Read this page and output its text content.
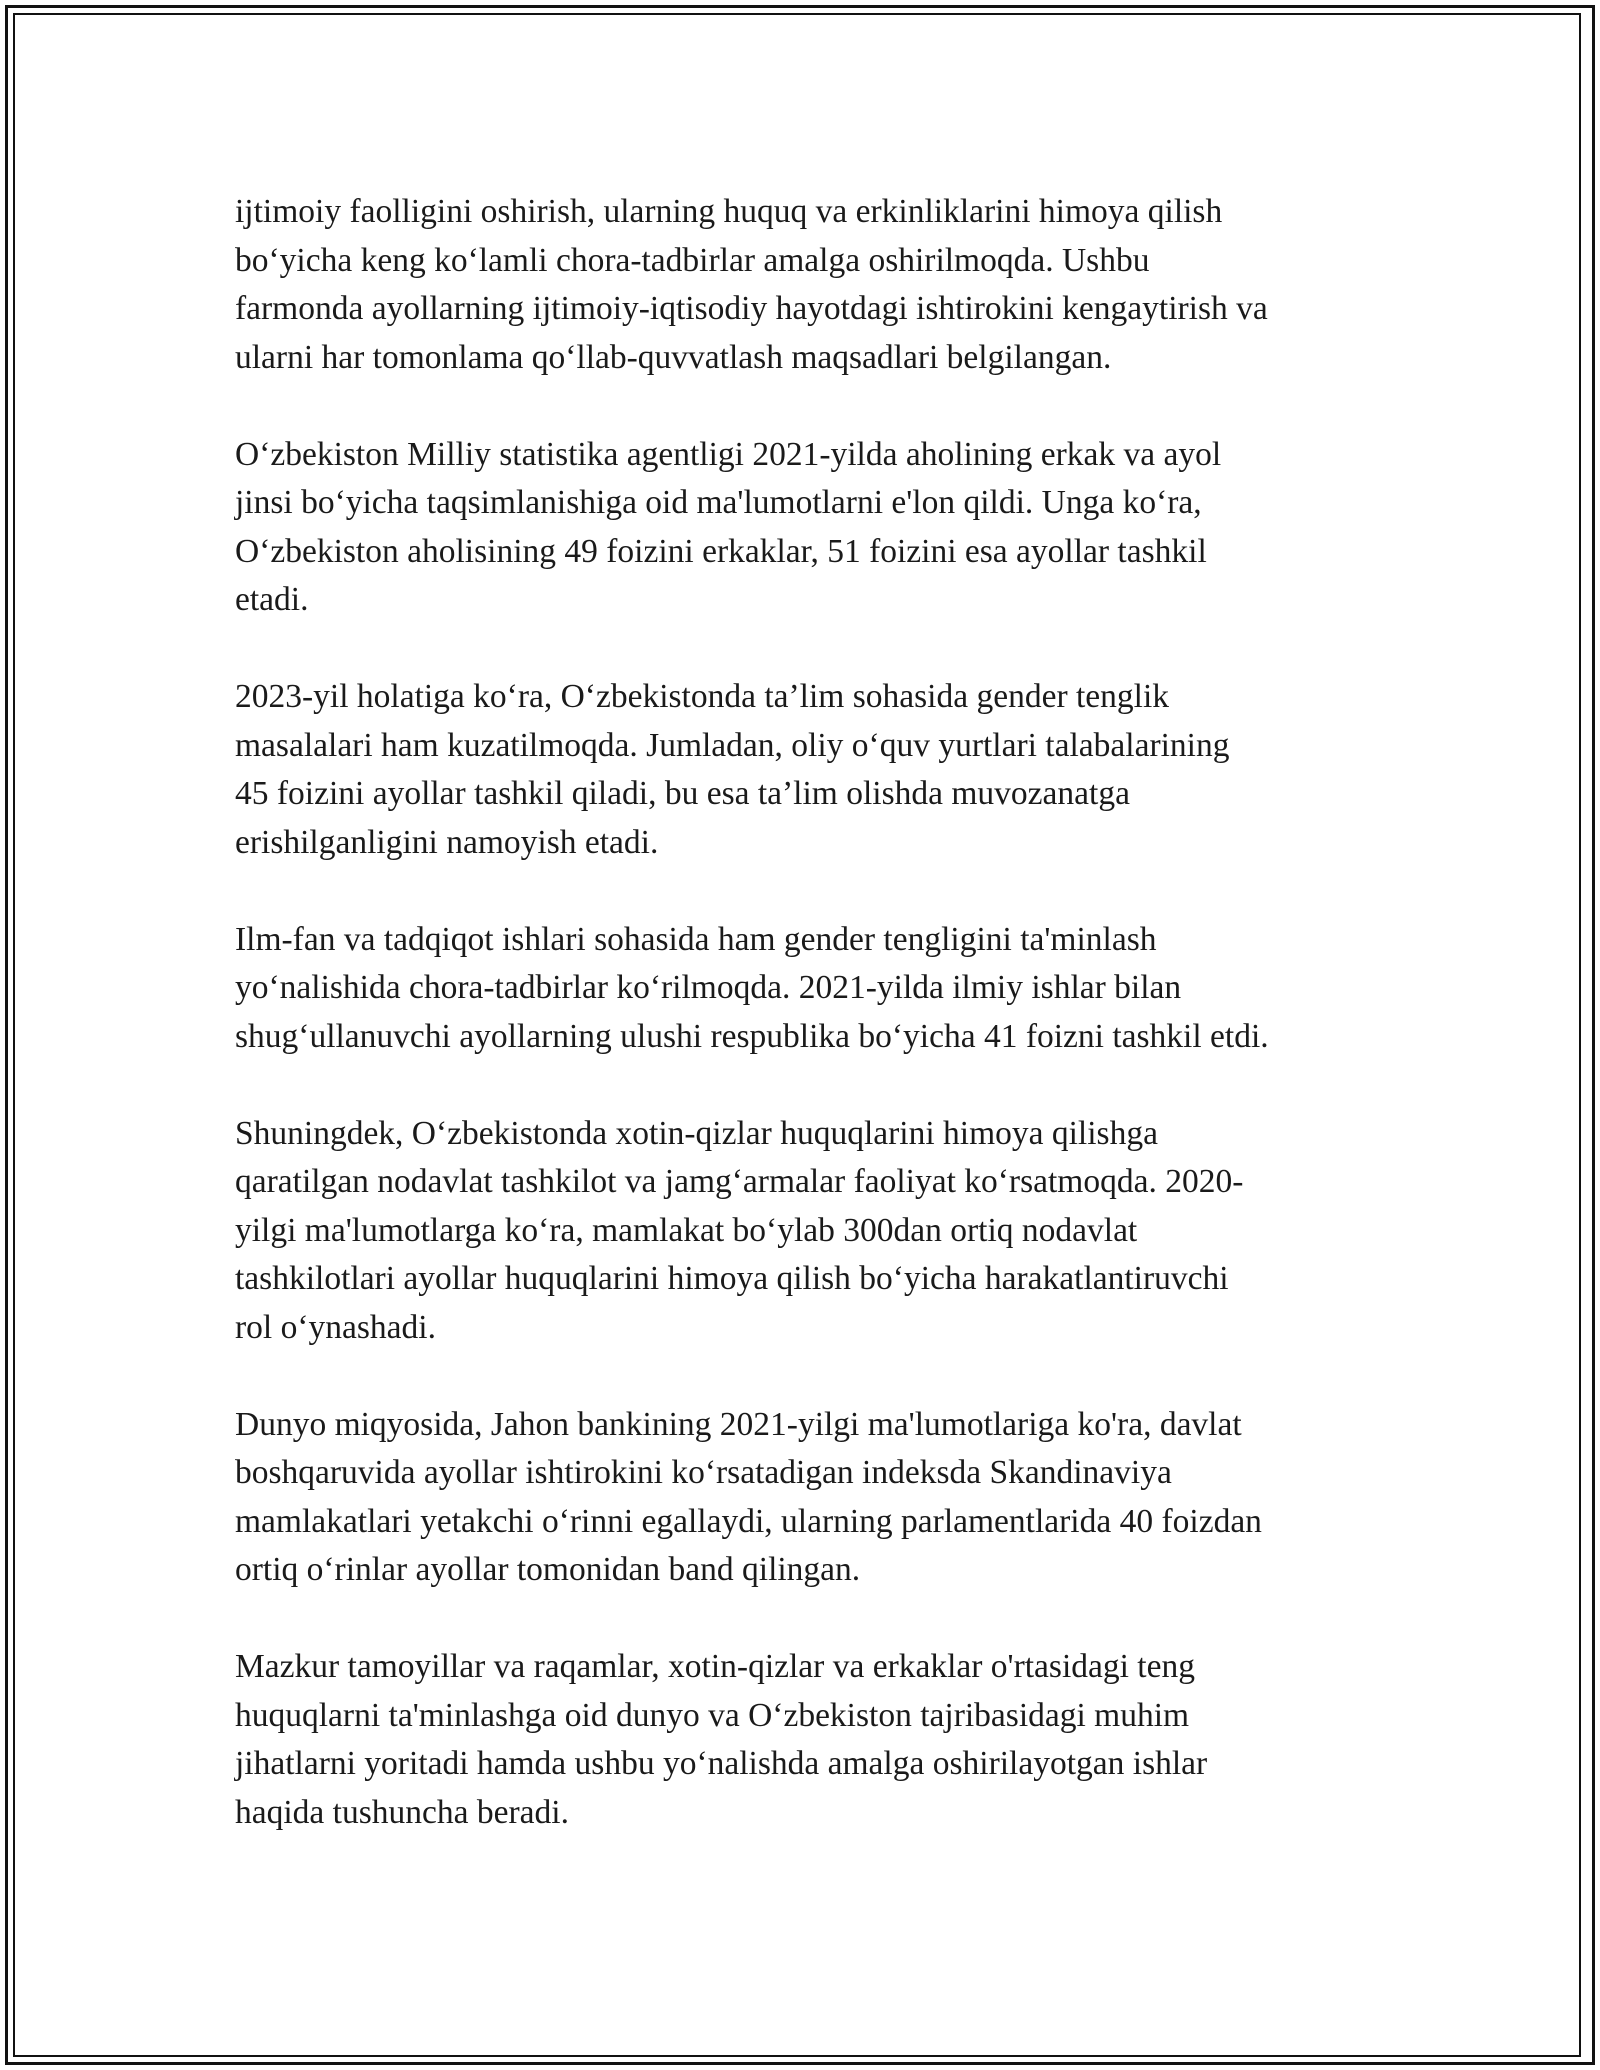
ijtimoiy faolligini oshirish, ularning huquq va erkinliklarini himoya qilish
bo‘yicha keng ko‘lamli chora-tadbirlar amalga oshirilmoqda. Ushbu
farmonda ayollarning ijtimoiy-iqtisodiy hayotdagi ishtirokini kengaytirish va
ularni har tomonlama qo‘llab-quvvatlash maqsadlari belgilangan.

O‘zbekiston Milliy statistika agentligi 2021-yilda aholining erkak va ayol
jinsi bo‘yicha taqsimlanishiga oid ma'lumotlarni e'lon qildi. Unga ko‘ra,
O‘zbekiston aholisining 49 foizini erkaklar, 51 foizini esa ayollar tashkil
etadi.

2023-yil holatiga ko‘ra, O‘zbekistonda ta’lim sohasida gender tenglik
masalalari ham kuzatilmoqda. Jumladan, oliy o‘quv yurtlari talabalarining
45 foizini ayollar tashkil qiladi, bu esa ta’lim olishda muvozanatga
erishilganligini namoyish etadi.

Ilm-fan va tadqiqot ishlari sohasida ham gender tengligini ta'minlash
yo‘nalishida chora-tadbirlar ko‘rilmoqda. 2021-yilda ilmiy ishlar bilan
shug‘ullanuvchi ayollarning ulushi respublika bo‘yicha 41 foizni tashkil etdi.

Shuningdek, O‘zbekistonda xotin-qizlar huquqlarini himoya qilishga
qaratilgan nodavlat tashkilot va jamg‘armalar faoliyat ko‘rsatmoqda. 2020-
yilgi ma'lumotlarga ko‘ra, mamlakat bo‘ylab 300dan ortiq nodavlat
tashkilotlari ayollar huquqlarini himoya qilish bo‘yicha harakatlantiruvchi
rol o‘ynashadi.

Dunyo miqyosida, Jahon bankining 2021-yilgi ma'lumotlariga ko'ra, davlat
boshqaruvida ayollar ishtirokini ko‘rsatadigan indeksda Skandinaviya
mamlakatlari yetakchi o‘rinni egallaydi, ularning parlamentlarida 40 foizdan
ortiq o‘rinlar ayollar tomonidan band qilingan.

Mazkur tamoyillar va raqamlar, xotin-qizlar va erkaklar o'rtasidagi teng
huquqlarni ta'minlashga oid dunyo va O‘zbekiston tajribasidagi muhim
jihatlarni yoritadi hamda ushbu yo‘nalishda amalga oshirilayotgan ishlar
haqida tushuncha beradi.
